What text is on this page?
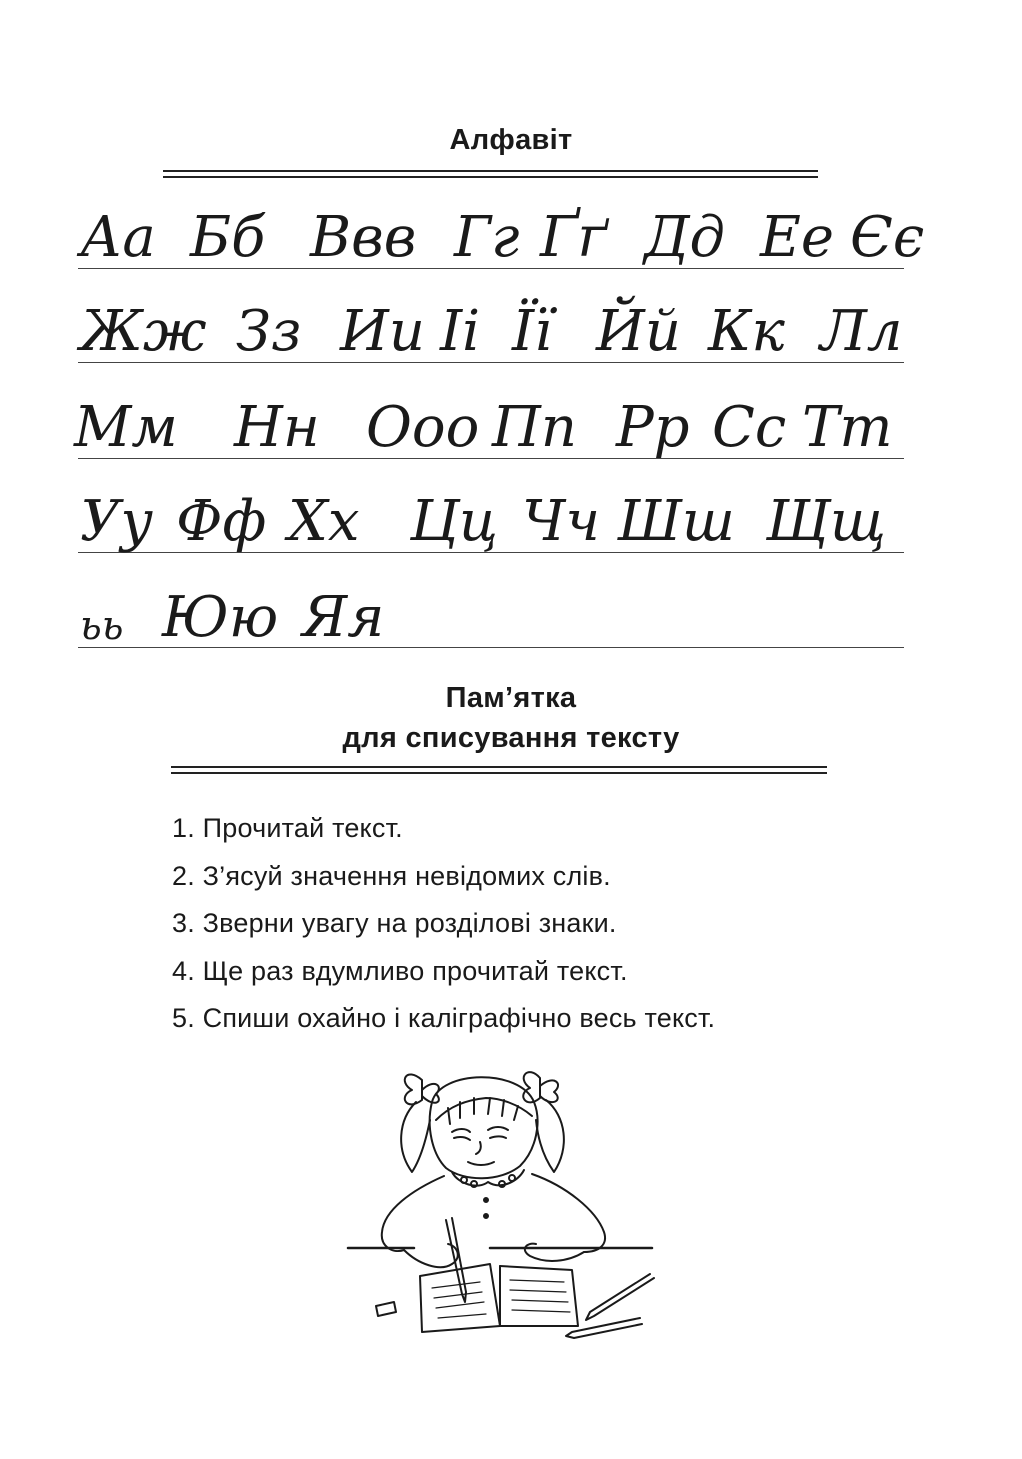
Алфавіт
Аа Бб Ввв Гг Ґґ Дд Ее Єє
Жж Зз Ии Іі Її Йй Кк Лл
Мм Нн Ооо Пп Рр Сс Тт
Уу Фф Хх Цц Чч Шш Щщ
ьь Юю Яя
Пам’ятка
для списування тексту
1. Прочитай текст.
2. З’ясуй значення невідомих слів.
3. Зверни увагу на розділові знаки.
4. Ще раз вдумливо прочитай текст.
5. Спиши охайно і каліграфічно весь текст.
